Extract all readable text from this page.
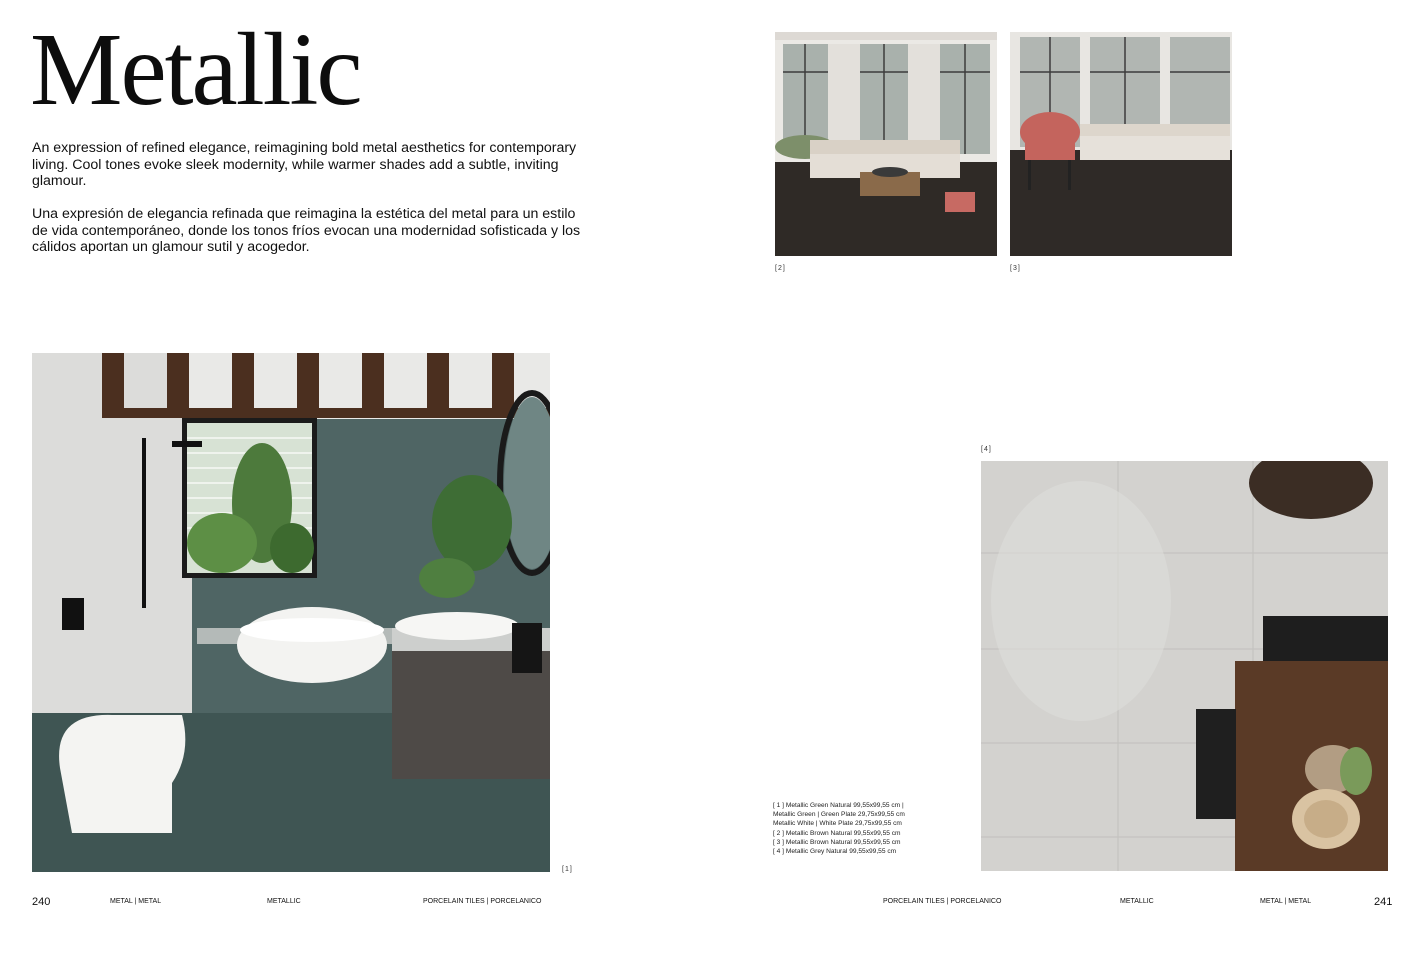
Metallic

An expression of refined elegance, reimagining bold metal aesthetics for contemporary living. Cool tones evoke sleek modernity, while warmer shades add a subtle, inviting glamour.

Una expresión de elegancia refinada que reimagina la estética del metal para un estilo de vida contemporáneo, donde los tonos fríos evocan una modernidad sofisticada y los cálidos aportan un glamour sutil y acogedor.

[1]
[2]	[3]
[4]
[ 1 ] Metallic Green Natural 99,55x99,55 cm |
Metallic Green | Green Plate 29,75x99,55 cm
Metallic White | White Plate 29,75x99,55 cm
[ 2 ] Metallic Brown Natural 99,55x99,55 cm
[ 3 ] Metallic Brown Natural 99,55x99,55 cm
[ 4 ] Metallic Grey Natural 99,55x99,55 cm
240	METAL | METAL	METALLIC	PORCELAIN TILES | PORCELANICO	PORCELAIN TILES | PORCELANICO	METALLIC	METAL | METAL	241
